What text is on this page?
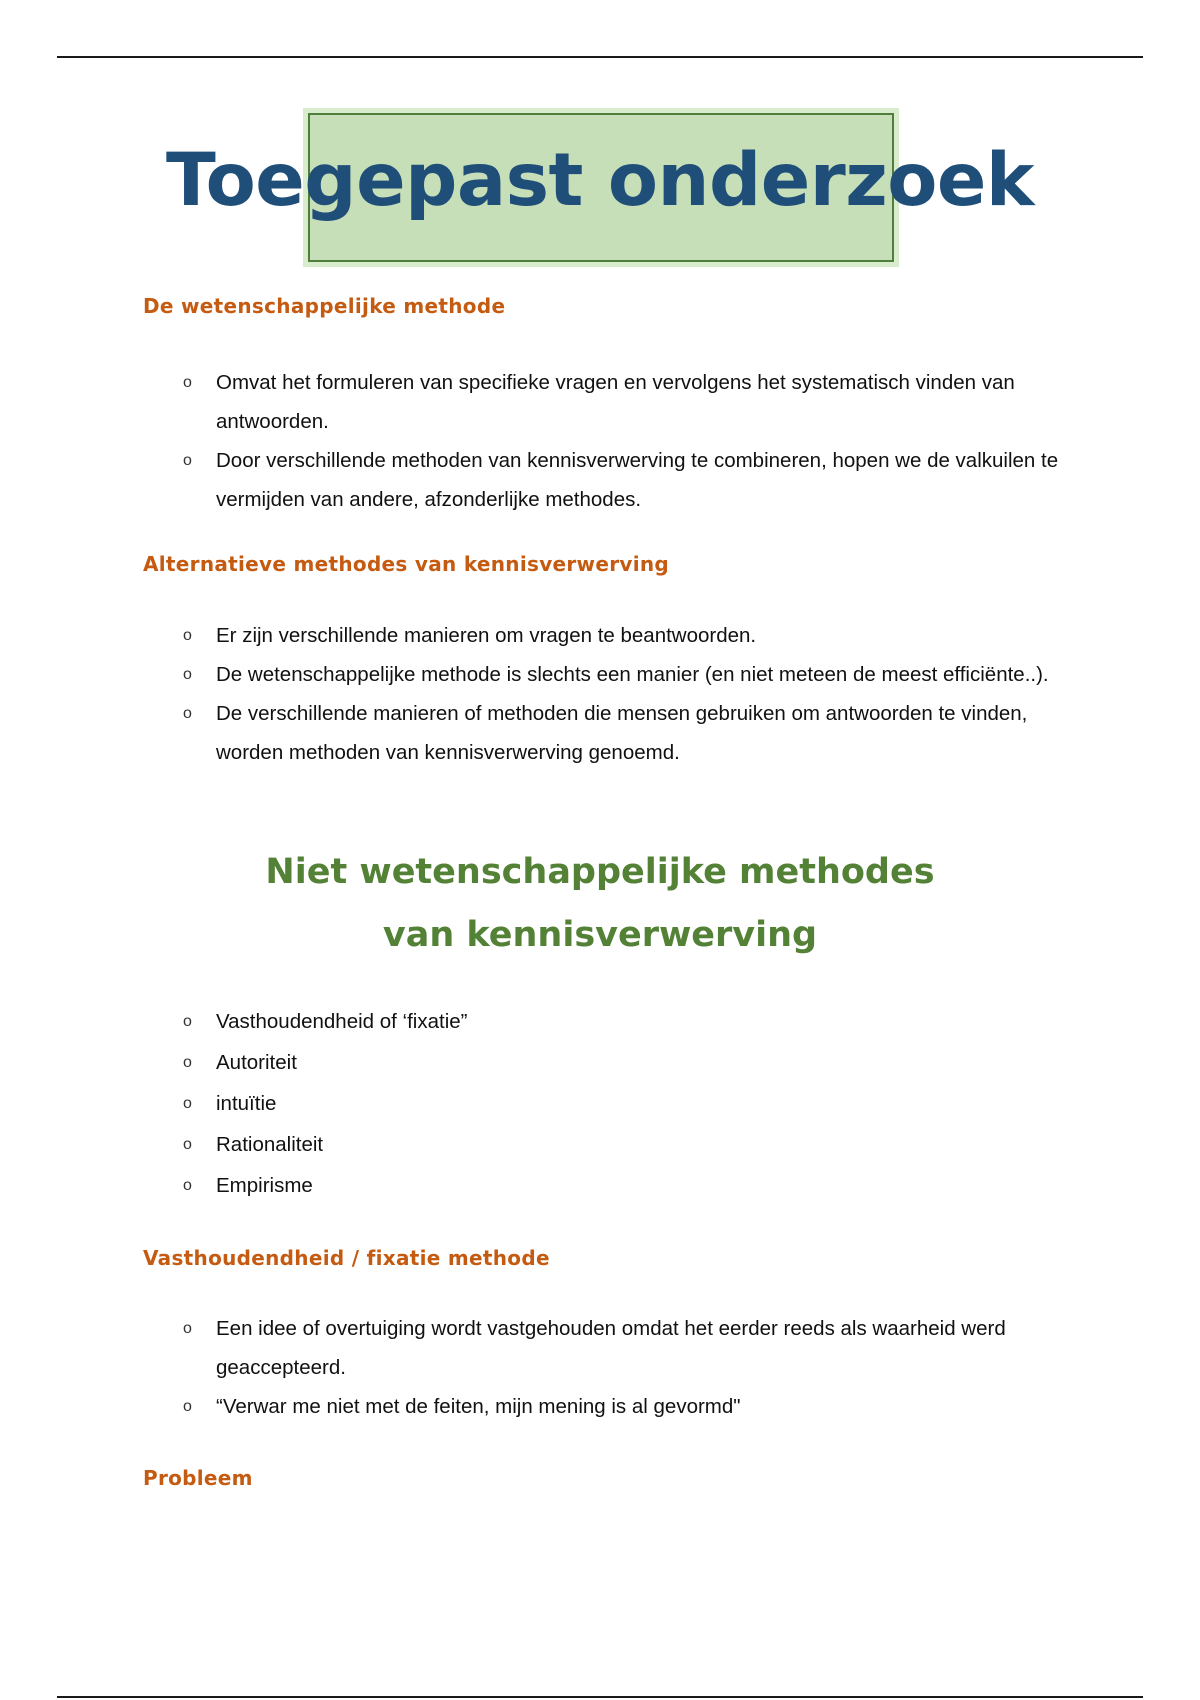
Toegepast onderzoek
De wetenschappelijke methode
o Omvat het formuleren van specifieke vragen en vervolgens het systematisch vinden van antwoorden.
o Door verschillende methoden van kennisverwerving te combineren, hopen we de valkuilen te vermijden van andere, afzonderlijke methodes.
Alternatieve methodes van kennisverwerving
o Er zijn verschillende manieren om vragen te beantwoorden.
o De wetenschappelijke methode is slechts een manier (en niet meteen de meest efficiënte..).
o De verschillende manieren of methoden die mensen gebruiken om antwoorden te vinden, worden methoden van kennisverwerving genoemd.
Niet wetenschappelijke methodes
van kennisverwerving
o Vasthoudendheid of ‘fixatie”
o Autoriteit
o intuïtie
o Rationaliteit
o Empirisme
Vasthoudendheid / fixatie methode
o Een idee of overtuiging wordt vastgehouden omdat het eerder reeds als waarheid werd geaccepteerd.
o “Verwar me niet met de feiten, mijn mening is al gevormd"
Probleem
